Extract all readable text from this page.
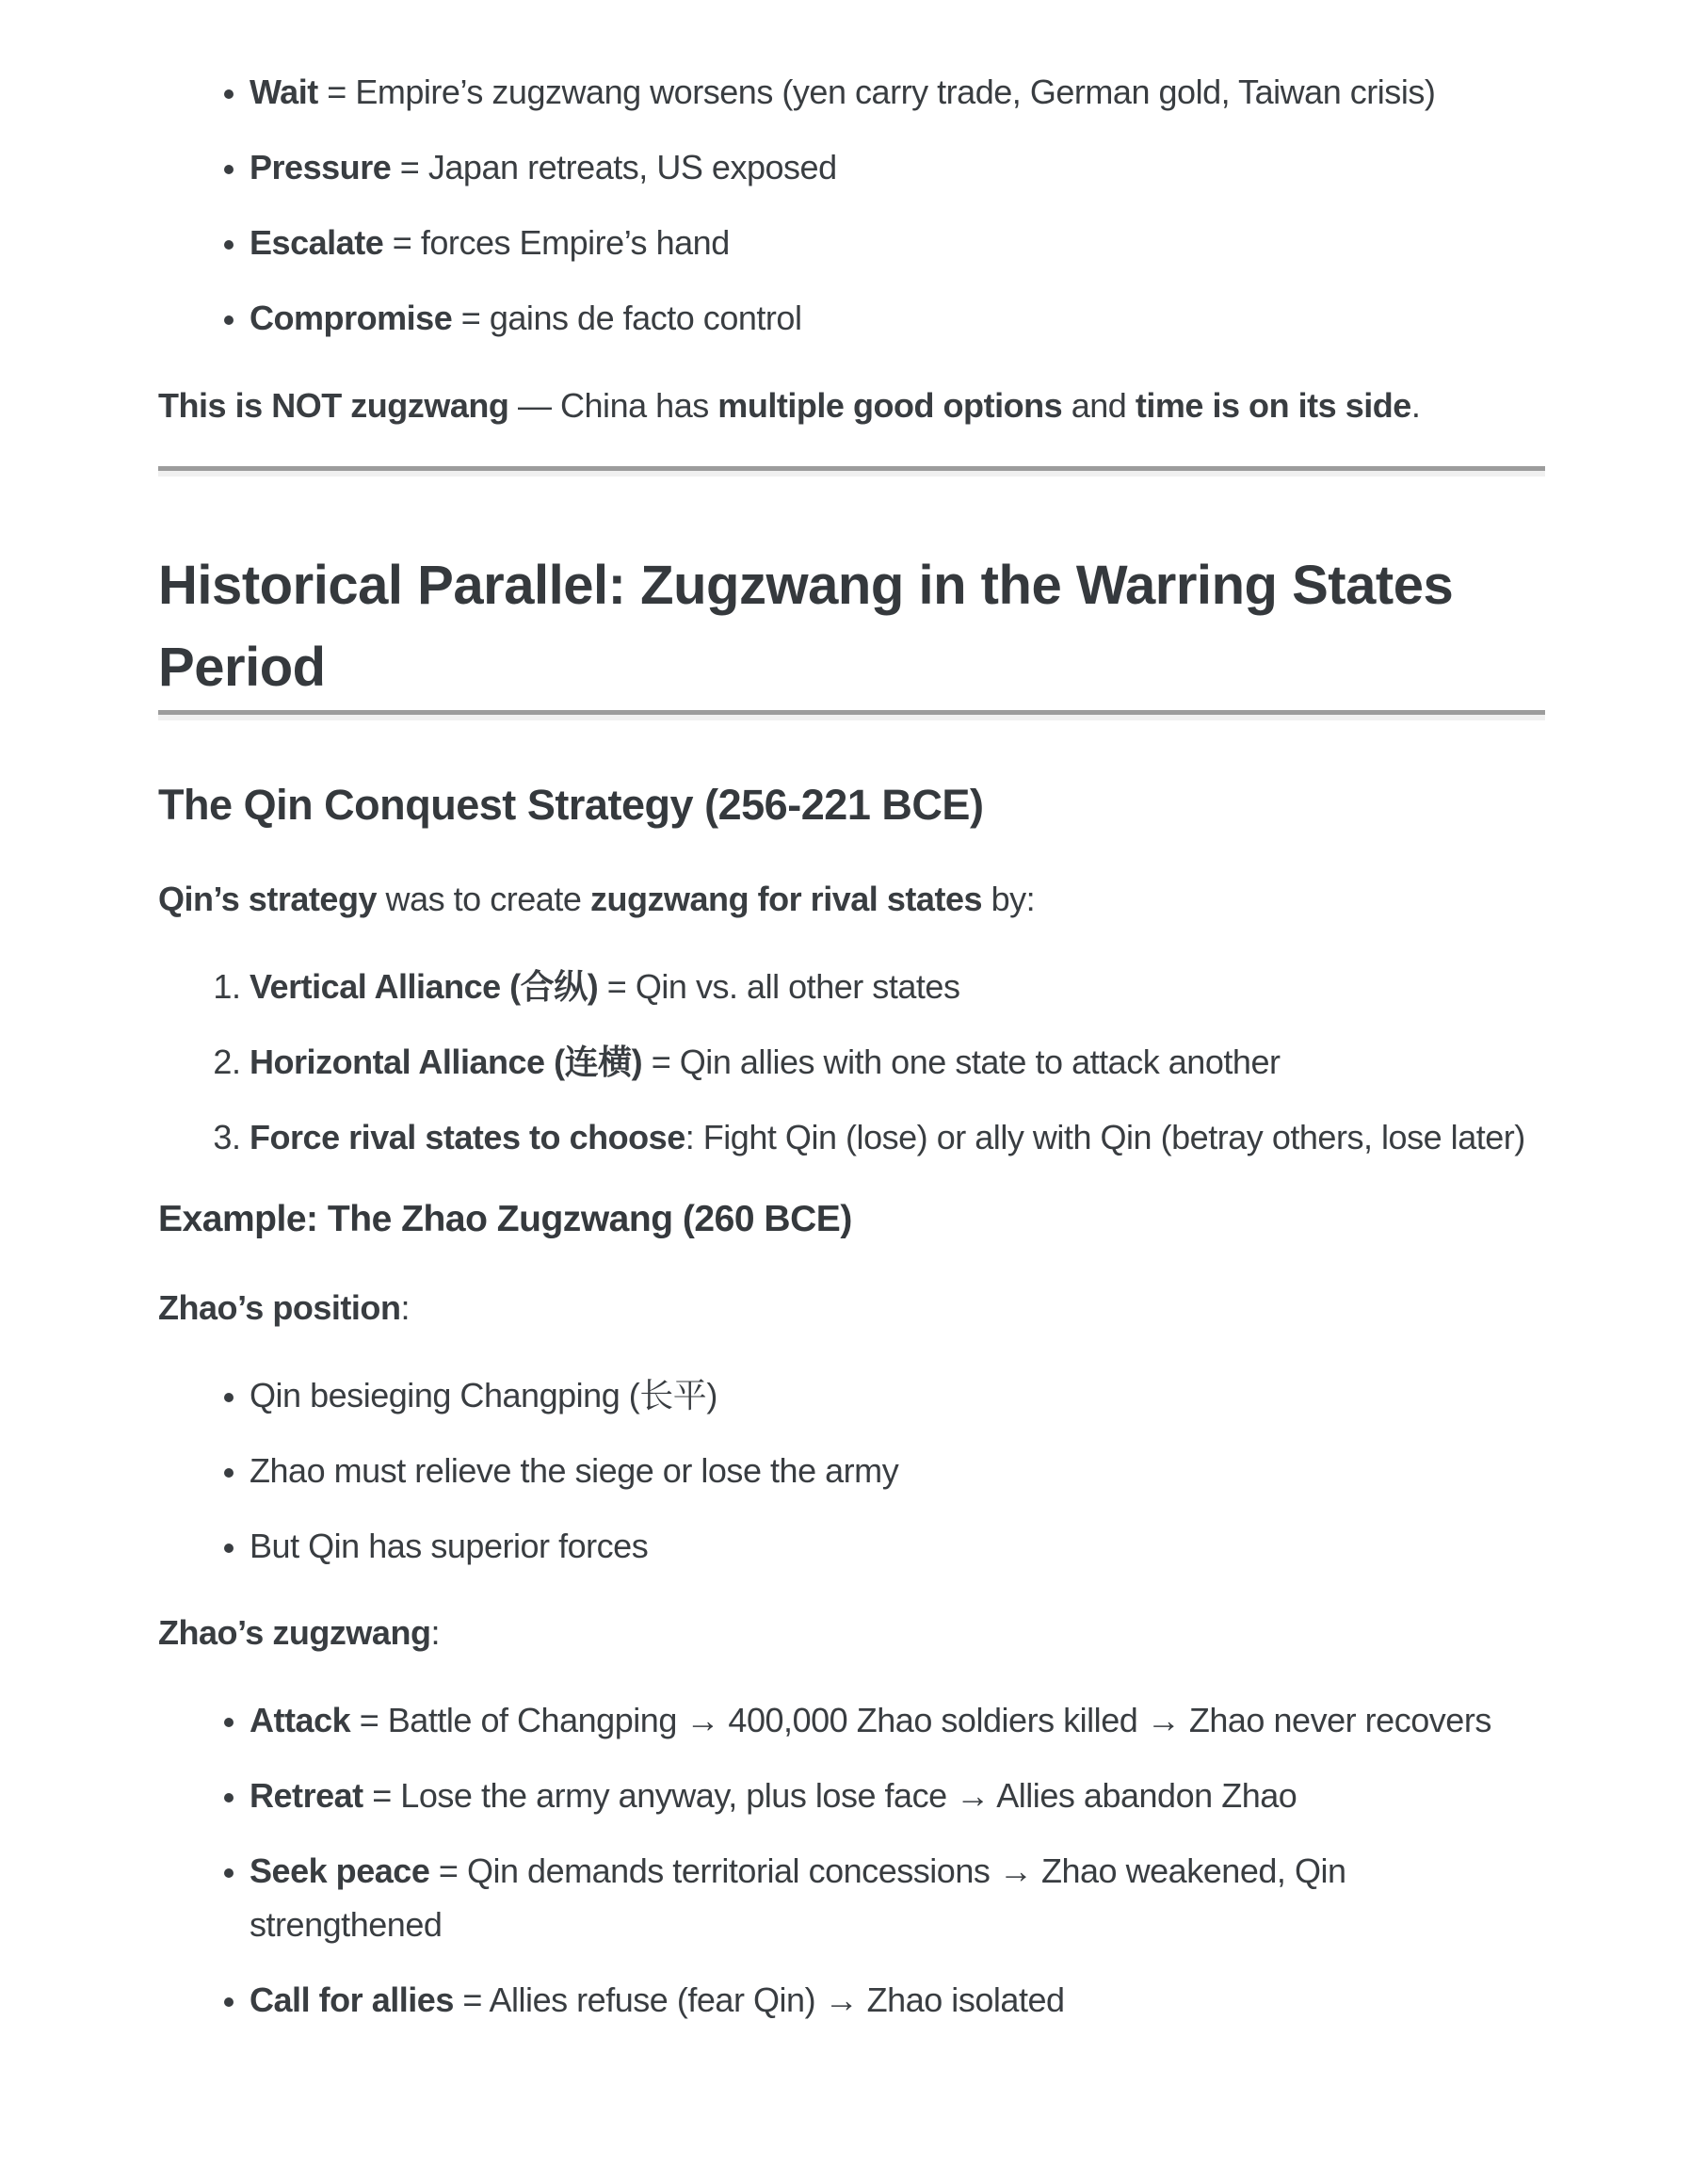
• Wait = Empire’s zugzwang worsens (yen carry trade, German gold, Taiwan crisis)
• Pressure = Japan retreats, US exposed
• Escalate = forces Empire’s hand
• Compromise = gains de facto control

This is NOT zugzwang — China has multiple good options and time is on its side.

Historical Parallel: Zugzwang in the Warring States Period
The Qin Conquest Strategy (256-221 BCE)

Qin’s strategy was to create zugzwang for rival states by:

1. Vertical Alliance (合纵) = Qin vs. all other states
2. Horizontal Alliance (连横) = Qin allies with one state to attack another
3. Force rival states to choose: Fight Qin (lose) or ally with Qin (betray others, lose later)
Example: The Zhao Zugzwang (260 BCE)

Zhao’s position:

• Qin besieging Changping (长平)
• Zhao must relieve the siege or lose the army
• But Qin has superior forces

Zhao’s zugzwang:

• Attack = Battle of Changping → 400,000 Zhao soldiers killed → Zhao never recovers
• Retreat = Lose the army anyway, plus lose face → Allies abandon Zhao
• Seek peace = Qin demands territorial concessions → Zhao weakened, Qin strengthened
• Call for allies = Allies refuse (fear Qin) → Zhao isolated
